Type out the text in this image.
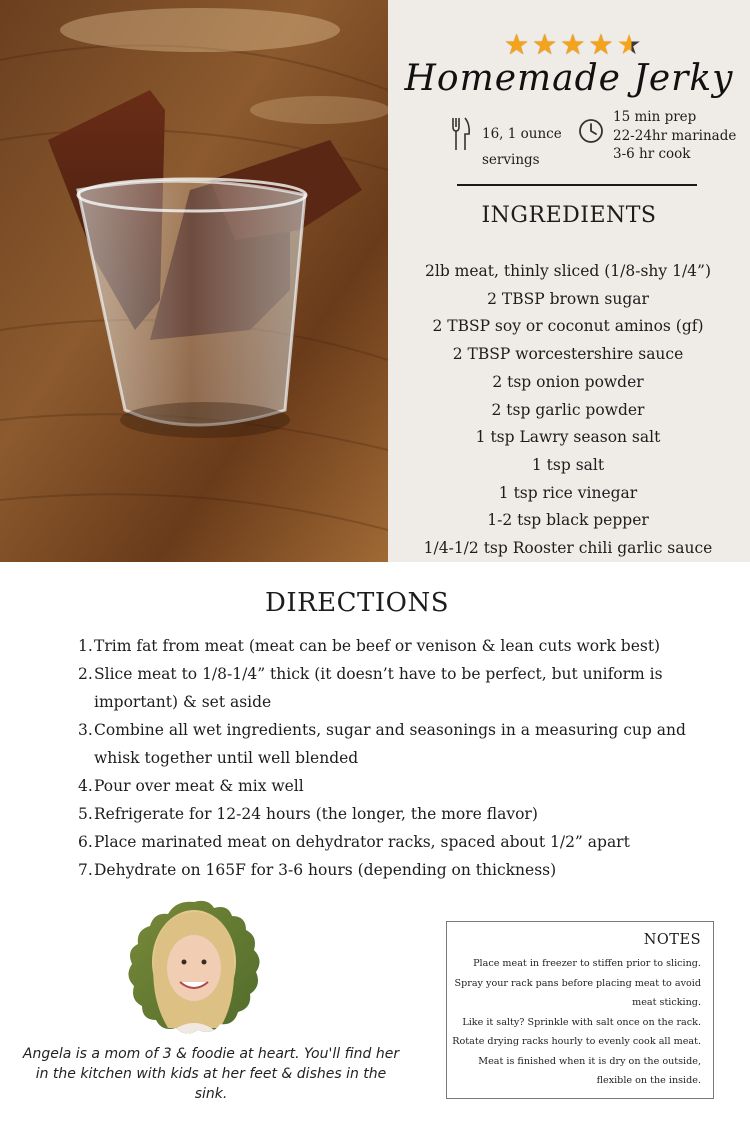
★ ★ ★ ★ ★
Homemade Jerky
16, 1 ounce
servings
15 min prep
22-24hr marinade
3-6 hr cook
INGREDIENTS
2lb meat, thinly sliced (1/8-shy 1/4”)
2 TBSP brown sugar
2 TBSP soy or coconut aminos (gf)
2 TBSP worcestershire sauce
2 tsp onion powder
2 tsp garlic powder
1 tsp Lawry season salt
1 tsp salt
1 tsp rice vinegar
1-2 tsp black pepper
1/4-1/2 tsp Rooster chili garlic sauce
DIRECTIONS
1. Trim fat from meat (meat can be beef or venison & lean cuts work best)
2. Slice meat to 1/8-1/4” thick (it doesn’t have to be perfect, but uniform is important) & set aside
3. Combine all wet ingredients, sugar and seasonings in a measuring cup and whisk together until well blended
4. Pour over meat & mix well
5. Refrigerate for 12-24 hours (the longer, the more flavor)
6. Place marinated meat on dehydrator racks, spaced about 1/2” apart
7. Dehydrate on 165F for 3-6 hours (depending on thickness)
Angela is a mom of 3 & foodie at heart. You'll find her in the kitchen with kids at her feet & dishes in the sink.
NOTES
Place meat in freezer to stiffen prior to slicing.
Spray your rack pans before placing meat to avoid meat sticking.
Like it salty? Sprinkle with salt once on the rack.
Rotate drying racks hourly to evenly cook all meat.
Meat is finished when it is dry on the outside, flexible on the inside.
